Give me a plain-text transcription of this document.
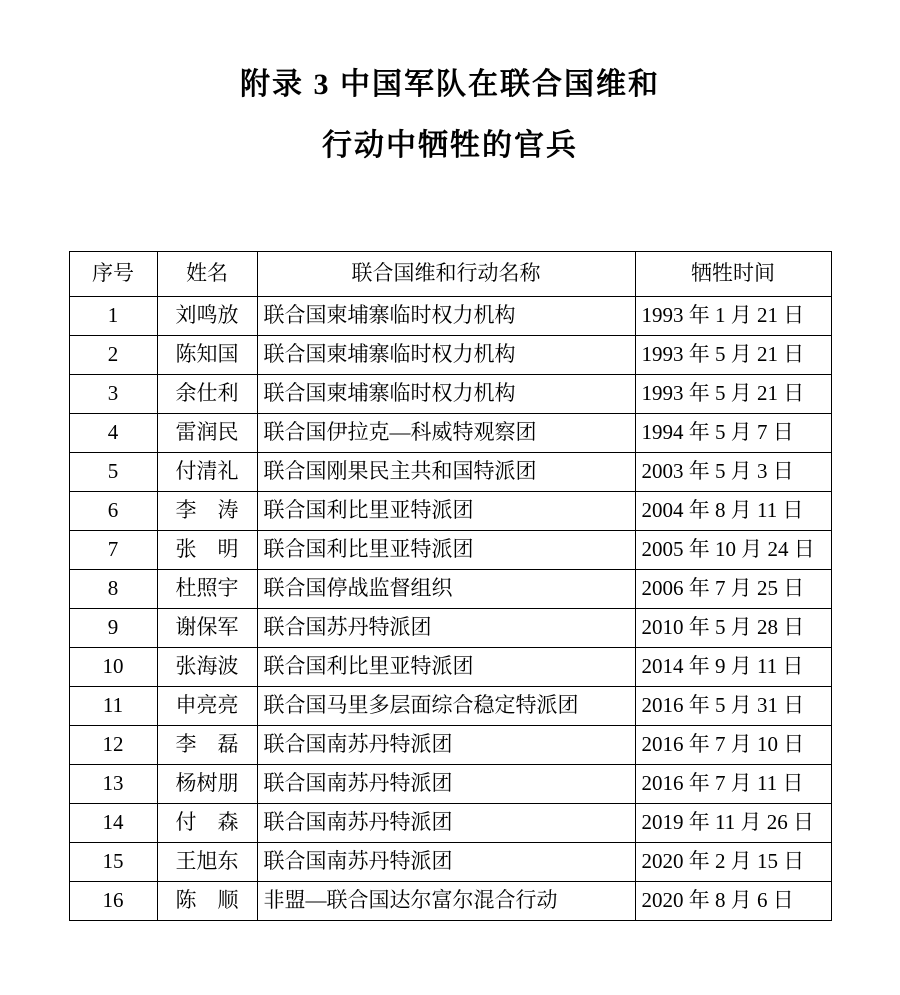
附录 3 中国军队在联合国维和
行动中牺牲的官兵
序号	姓名	联合国维和行动名称	牺牲时间
1	刘鸣放	联合国柬埔寨临时权力机构	1993 年 1 月 21 日
2	陈知国	联合国柬埔寨临时权力机构	1993 年 5 月 21 日
3	余仕利	联合国柬埔寨临时权力机构	1993 年 5 月 21 日
4	雷润民	联合国伊拉克—科威特观察团	1994 年 5 月 7 日
5	付清礼	联合国刚果民主共和国特派团	2003 年 5 月 3 日
6	李　涛	联合国利比里亚特派团	2004 年 8 月 11 日
7	张　明	联合国利比里亚特派团	2005 年 10 月 24 日
8	杜照宇	联合国停战监督组织	2006 年 7 月 25 日
9	谢保军	联合国苏丹特派团	2010 年 5 月 28 日
10	张海波	联合国利比里亚特派团	2014 年 9 月 11 日
11	申亮亮	联合国马里多层面综合稳定特派团	2016 年 5 月 31 日
12	李　磊	联合国南苏丹特派团	2016 年 7 月 10 日
13	杨树朋	联合国南苏丹特派团	2016 年 7 月 11 日
14	付　森	联合国南苏丹特派团	2019 年 11 月 26 日
15	王旭东	联合国南苏丹特派团	2020 年 2 月 15 日
16	陈　顺	非盟—联合国达尔富尔混合行动	2020 年 8 月 6 日
